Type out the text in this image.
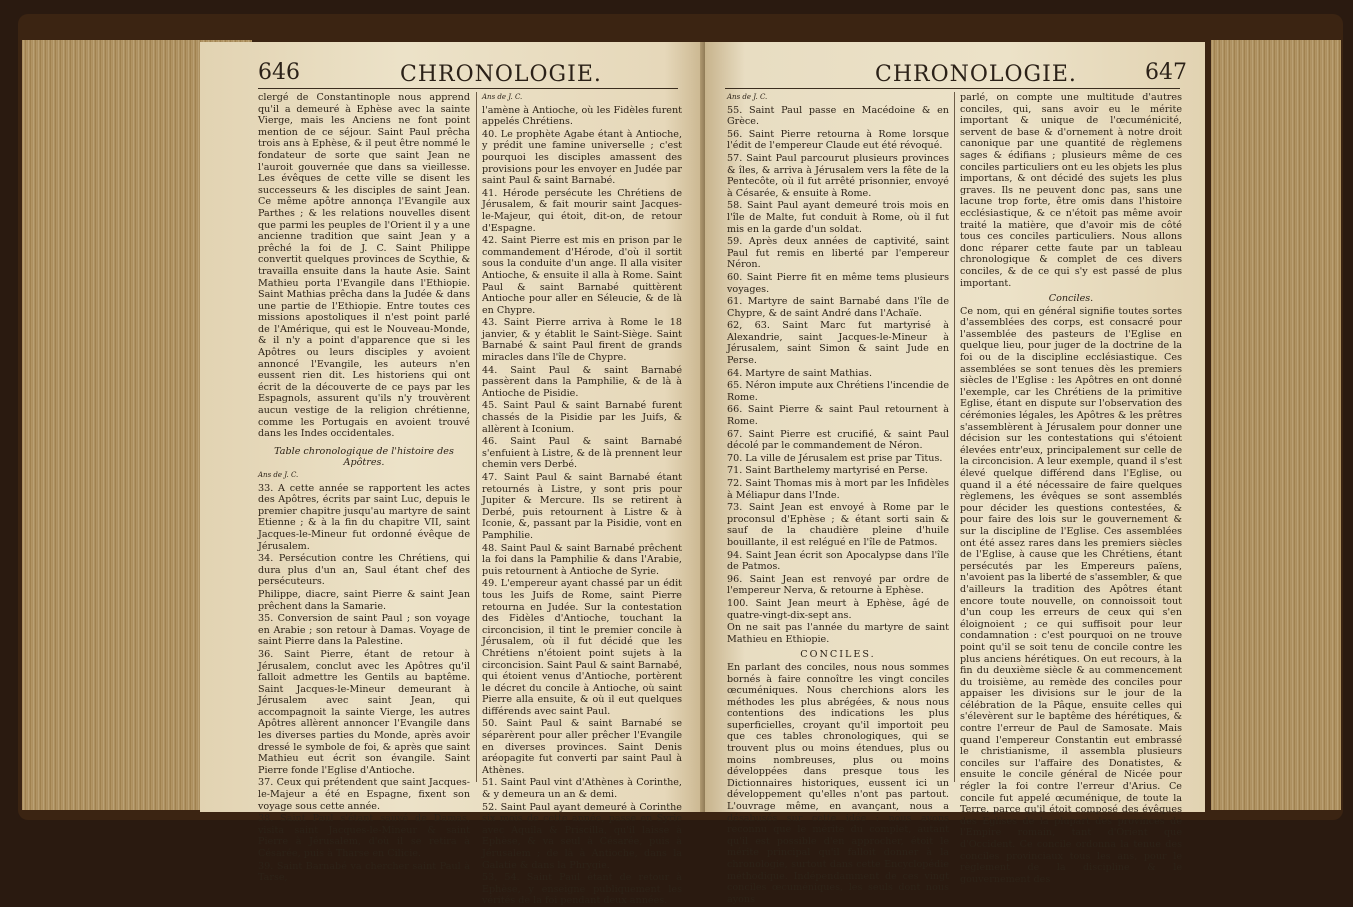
646	CHRONOLOGIE.

clergé de Constantinople nous apprend qu'il a demeuré à Ephèse avec la sainte Vierge, mais les Anciens ne font point mention de ce séjour. Saint Paul prêcha trois ans à Ephèse, & il peut être nommé le fondateur de sorte que saint Jean ne l'auroit gouvernée que dans sa vieillesse. Les évêques de cette ville se disent les successeurs & les disciples de saint Jean. Ce même apôtre annonça l'Evangile aux Parthes ; & les relations nouvelles disent que parmi les peuples de l'Orient il y a une ancienne tradition que saint Jean y a prêché la foi de J. C. Saint Philippe convertit quelques provinces de Scythie, & travailla ensuite dans la haute Asie. Saint Mathieu porta l'Evangile dans l'Ethiopie. Saint Mathias prêcha dans la Judée & dans une partie de l'Ethiopie. Entre toutes ces missions apostoliques il n'est point parlé de l'Amérique, qui est le Nouveau-Monde, & il n'y a point d'apparence que si les Apôtres ou leurs disciples y avoient annoncé l'Evangile, les auteurs n'en eussent rien dit. Les historiens qui ont écrit de la découverte de ce pays par les Espagnols, assurent qu'ils n'y trouvèrent aucun vestige de la religion chrétienne, comme les Portugais en avoient trouvé dans les Indes occidentales.

Table chronologique de l'histoire des Apôtres.

Ans de J. C.

33. A cette année se rapportent les actes des Apôtres, écrits par saint Luc, depuis le premier chapitre jusqu'au martyre de saint Etienne ; & à la fin du chapitre VII, saint Jacques-le-Mineur fut ordonné évêque de Jérusalem.

34. Persécution contre les Chrétiens, qui dura plus d'un an, Saul étant chef des persécuteurs.

Philippe, diacre, saint Pierre & saint Jean prêchent dans la Samarie.

35. Conversion de saint Paul ; son voyage en Arabie ; son retour à Damas. Voyage de saint Pierre dans la Palestine.

36. Saint Pierre, étant de retour à Jérusalem, conclut avec les Apôtres qu'il falloit admettre les Gentils au baptême. Saint Jacques-le-Mineur demeurant à Jérusalem avec saint Jean, qui accompagnoit la sainte Vierge, les autres Apôtres allèrent annoncer l'Evangile dans les diverses parties du Monde, après avoir dressé le symbole de foi, & après que saint Mathieu eut écrit son évangile. Saint Pierre fonde l'Eglise d'Antioche.

37. Ceux qui prétendent que saint Jacques-le-Majeur a été en Espagne, fixent son voyage sous cette année.

38. Saint Paul s'étant sauvé de Damas, visita saint Jacques-le-Mineur & saint Pierre à Jérusalem, d'où il se retira à Césarée, puis à Tharse en Cilicie.

39. Saint Barnabé va chercher saint Paul à Tarse,

Ans de J. C.

l'amène à Antioche, où les Fidèles furent appelés Chrétiens.

40. Le prophète Agabe étant à Antioche, y prédit une famine universelle ; c'est pourquoi les disciples amassent des provisions pour les envoyer en Judée par saint Paul & saint Barnabé.

41. Hérode persécute les Chrétiens de Jérusalem, & fait mourir saint Jacques-le-Majeur, qui étoit, dit-on, de retour d'Espagne.

42. Saint Pierre est mis en prison par le commandement d'Hérode, d'où il sortit sous la conduite d'un ange. Il alla visiter Antioche, & ensuite il alla à Rome. Saint Paul & saint Barnabé quittèrent Antioche pour aller en Séleucie, & de là en Chypre.

43. Saint Pierre arriva à Rome le 18 janvier, & y établit le Saint-Siège. Saint Barnabé & saint Paul firent de grands miracles dans l'île de Chypre.

44. Saint Paul & saint Barnabé passèrent dans la Pamphilie, & de là à Antioche de Pisidie.

45. Saint Paul & saint Barnabé furent chassés de la Pisidie par les Juifs, & allèrent à Iconium.

46. Saint Paul & saint Barnabé s'enfuient à Listre, & de là prennent leur chemin vers Derbé.

47. Saint Paul & saint Barnabé étant retournés à Listre, y sont pris pour Jupiter & Mercure. Ils se retirent à Derbé, puis retournent à Listre & à Iconie, &, passant par la Pisidie, vont en Pamphilie.

48. Saint Paul & saint Barnabé prêchent la foi dans la Pamphilie & dans l'Arabie, puis retournent à Antioche de Syrie.

49. L'empereur ayant chassé par un édit tous les Juifs de Rome, saint Pierre retourna en Judée. Sur la contestation des Fidèles d'Antioche, touchant la circoncision, il tint le premier concile à Jérusalem, où il fut décidé que les Chrétiens n'étoient point sujets à la circoncision. Saint Paul & saint Barnabé, qui étoient venus d'Antioche, portèrent le décret du concile à Antioche, où saint Pierre alla ensuite, & où il eut quelques différends avec saint Paul.

50. Saint Paul & saint Barnabé se séparèrent pour aller prêcher l'Evangile en diverses provinces. Saint Denis aréopagite fut converti par saint Paul à Athènes.

51. Saint Paul vint d'Athènes à Corinthe, & y demeura un an & demi.

52. Saint Paul ayant demeuré à Corinthe six mois de cette année, passe en Syrie avec Aquila & Priscilla, qu'il laisse à Ephèse, & va seul à Césarée, puis à Jérusalem ; de là à Antioche, dans la Galatie & dans la Phrygie.

53, 54. Saint Paul étant de retour à Ephèse, y enseigne publiquement les vérités de la foi pendant deux années.

CHRONOLOGIE.	647

Ans de J. C.

55. Saint Paul passe en Macédoine & en Grèce.

56. Saint Pierre retourna à Rome lorsque l'édit de l'empereur Claude eut été révoqué.

57. Saint Paul parcourut plusieurs provinces & îles, & arriva à Jérusalem vers la fête de la Pentecôte, où il fut arrêté prisonnier, envoyé à Césarée, & ensuite à Rome.

58. Saint Paul ayant demeuré trois mois en l'île de Malte, fut conduit à Rome, où il fut mis en la garde d'un soldat.

59. Après deux années de captivité, saint Paul fut remis en liberté par l'empereur Néron.

60. Saint Pierre fit en même tems plusieurs voyages.

61. Martyre de saint Barnabé dans l'île de Chypre, & de saint André dans l'Achaïe.

62, 63. Saint Marc fut martyrisé à Alexandrie, saint Jacques-le-Mineur à Jérusalem, saint Simon & saint Jude en Perse.

64. Martyre de saint Mathias.

65. Néron impute aux Chrétiens l'incendie de Rome.

66. Saint Pierre & saint Paul retournent à Rome.

67. Saint Pierre est crucifié, & saint Paul décolé par le commandement de Néron.

70. La ville de Jérusalem est prise par Titus.

71. Saint Barthelemy martyrisé en Perse.

72. Saint Thomas mis à mort par les Infidèles à Méliapur dans l'Inde.

73. Saint Jean est envoyé à Rome par le proconsul d'Ephèse ; & étant sorti sain & sauf de la chaudière pleine d'huile bouillante, il est relégué en l'île de Patmos.

94. Saint Jean écrit son Apocalypse dans l'île de Patmos.

96. Saint Jean est renvoyé par ordre de l'empereur Nerva, & retourne à Ephèse.

100. Saint Jean meurt à Ephèse, âgé de quatre-vingt-dix-sept ans.

On ne sait pas l'année du martyre de saint Mathieu en Ethiopie.

CONCILES.

En parlant des conciles, nous nous sommes bornés à faire connoître les vingt conciles œcuméniques. Nous cherchions alors les méthodes les plus abrégées, & nous nous contentions des indications les plus superficielles, croyant qu'il importoit peu que ces tables chronologiques, qui se trouvent plus ou moins étendues, plus ou moins nombreuses, plus ou moins développées dans presque tous les Dictionnaires historiques, eussent ici un développement qu'elles n'ont pas partout. L'ouvrage même, en avançant, nous a désabusés sur cette idée : nous avons reconnu que le mérite du complet, autant qu'il est possible d'en approcher, étoit le mérite principal qu'il falloit donner à la chronologie, surtout dans cette Encyclopédie méthodique. Indépendamment de ces vingt conciles œcuméniques, les seuls dont nous ayons

parlé, on compte une multitude d'autres conciles, qui, sans avoir eu le mérite important & unique de l'œcuménicité, servent de base & d'ornement à notre droit canonique par une quantité de règlemens sages & édifians ; plusieurs même de ces conciles particuliers ont eu les objets les plus importans, & ont décidé des sujets les plus graves. Ils ne peuvent donc pas, sans une lacune trop forte, être omis dans l'histoire ecclésiastique, & ce n'étoit pas même avoir traité la matière, que d'avoir mis de côté tous ces conciles particuliers. Nous allons donc réparer cette faute par un tableau chronologique & complet de ces divers conciles, & de ce qui s'y est passé de plus important.

Conciles.

Ce nom, qui en général signifie toutes sortes d'assemblées des corps, est consacré pour l'assemblée des pasteurs de l'Eglise en quelque lieu, pour juger de la doctrine de la foi ou de la discipline ecclésiastique. Ces assemblées se sont tenues dès les premiers siècles de l'Eglise : les Apôtres en ont donné l'exemple, car les Chrétiens de la primitive Eglise, étant en dispute sur l'observation des cérémonies légales, les Apôtres & les prêtres s'assemblèrent à Jérusalem pour donner une décision sur les contestations qui s'étoient élevées entr'eux, principalement sur celle de la circoncision. A leur exemple, quand il s'est élevé quelque différend dans l'Eglise, ou quand il a été nécessaire de faire quelques règlemens, les évêques se sont assemblés pour décider les questions contestées, & pour faire des lois sur le gouvernement & sur la discipline de l'Eglise. Ces assemblées ont été assez rares dans les premiers siècles de l'Eglise, à cause que les Chrétiens, étant persécutés par les Empereurs païens, n'avoient pas la liberté de s'assembler, & que d'ailleurs la tradition des Apôtres étant encore toute nouvelle, on connoissoit tout d'un coup les erreurs de ceux qui s'en éloignoient ; ce qui suffisoit pour leur condamnation : c'est pourquoi on ne trouve point qu'il se soit tenu de concile contre les plus anciens hérétiques. On eut recours, à la fin du deuxième siècle & au commencement du troisième, au remède des conciles pour appaiser les divisions sur le jour de la célébration de la Pâque, ensuite celles qui s'élevèrent sur le baptême des hérétiques, & contre l'erreur de Paul de Samosate. Mais quand l'empereur Constantin eut embrassé le christianisme, il assembla plusieurs conciles sur l'affaire des Donatistes, & ensuite le concile général de Nicée pour régler la foi contre l'erreur d'Arius. Ce concile fut appelé œcuménique, de toute la Terre, parce qu'il étoit composé des évêques des Eglises de la plupart des provinces de l'Empire romain, tant d'Orient que d'Occident. Ce concile ordonna la tenue des conciles provinciaux tous les ans, pour le règlement de la discipline & le gouvernement des
